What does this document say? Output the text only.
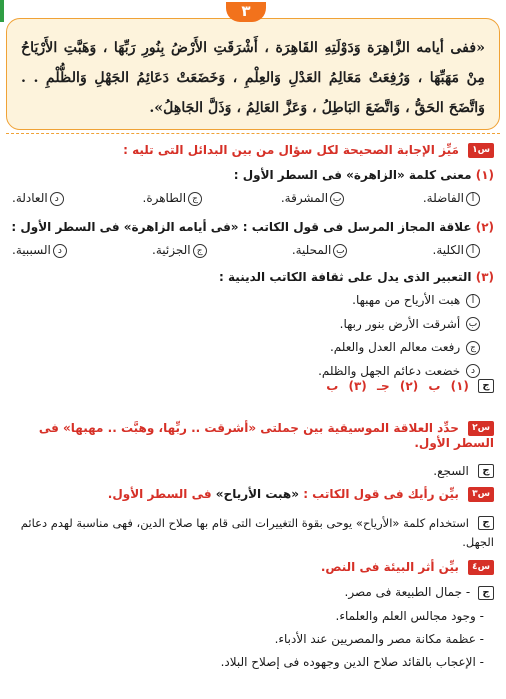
«ففى أيامه الزَّاهِرَة وَدَوْلَتِهِ القَاهِرَة ، أَشْرَقَتِ الأَرْضُ بِنُورِ رَبِّهَا ، وَهَبَّتِ الأَرْيَاحُ مِنْ مَهَبِّهَا ، وَرُفِعَتْ مَعَالِمُ العَدْلِ وَالعِلْمِ ، وَخَضَعَتْ دَعَائِمُ الجَهْلِ وَالظُّلْمِ . . وَاتَّضَحَ الحَقُّ ، وَاتَّضَعَ البَاطِلُ ، وَعَزَّ العَالِمُ ، وَذَلَّ الجَاهِلُ».

٣
س١ مَيِّز الإجابة الصحيحة لكل سؤال من بين البدائل التى تليه :
(١) معنى كلمة «الزاهرة» فى السطر الأول :
أالفاضلة.
بالمشرقة.
جالطاهرة.
دالعادلة.
(٢) علاقة المجاز المرسل فى قول الكاتب : «فى أيامه الزاهرة» فى السطر الأول :
أالكلية.
بالمحلية.
جالجزئية.
دالسببية.
(٣) التعبير الذى يدل على ثقافة الكاتب الدينية :
أ هبت الأرياح من مهبها.
ب أشرقت الأرض بنور ربها.
ج رفعت معالم العدل والعلم.
د خضعت دعائم الجهل والظلم.
ج (١) ب (٢) جـ (٣) ب
س٢ حدِّد العلاقة الموسيقية بين جملتى «أشرقت .. ربِّها، وهبَّت .. مهبها» فى السطر الأول.
ج السجع.
س٣ بيِّن رأيك فى قول الكاتب : «هبت الأرياح» فى السطر الأول.
ج استخدام كلمة «الأرياح» يوحى بقوة التغييرات التى قام بها صلاح الدين، فهى مناسبة لهدم دعائم الجهل.
س٤ بيِّن أثر البيئة فى النص.
ج - جمال الطبيعة فى مصر.
- وجود مجالس العلم والعلماء.
- عظمة مكانة مصر والمصريين عند الأدباء.
- الإعجاب بالقائد صلاح الدين وجهوده فى إصلاح البلاد.
